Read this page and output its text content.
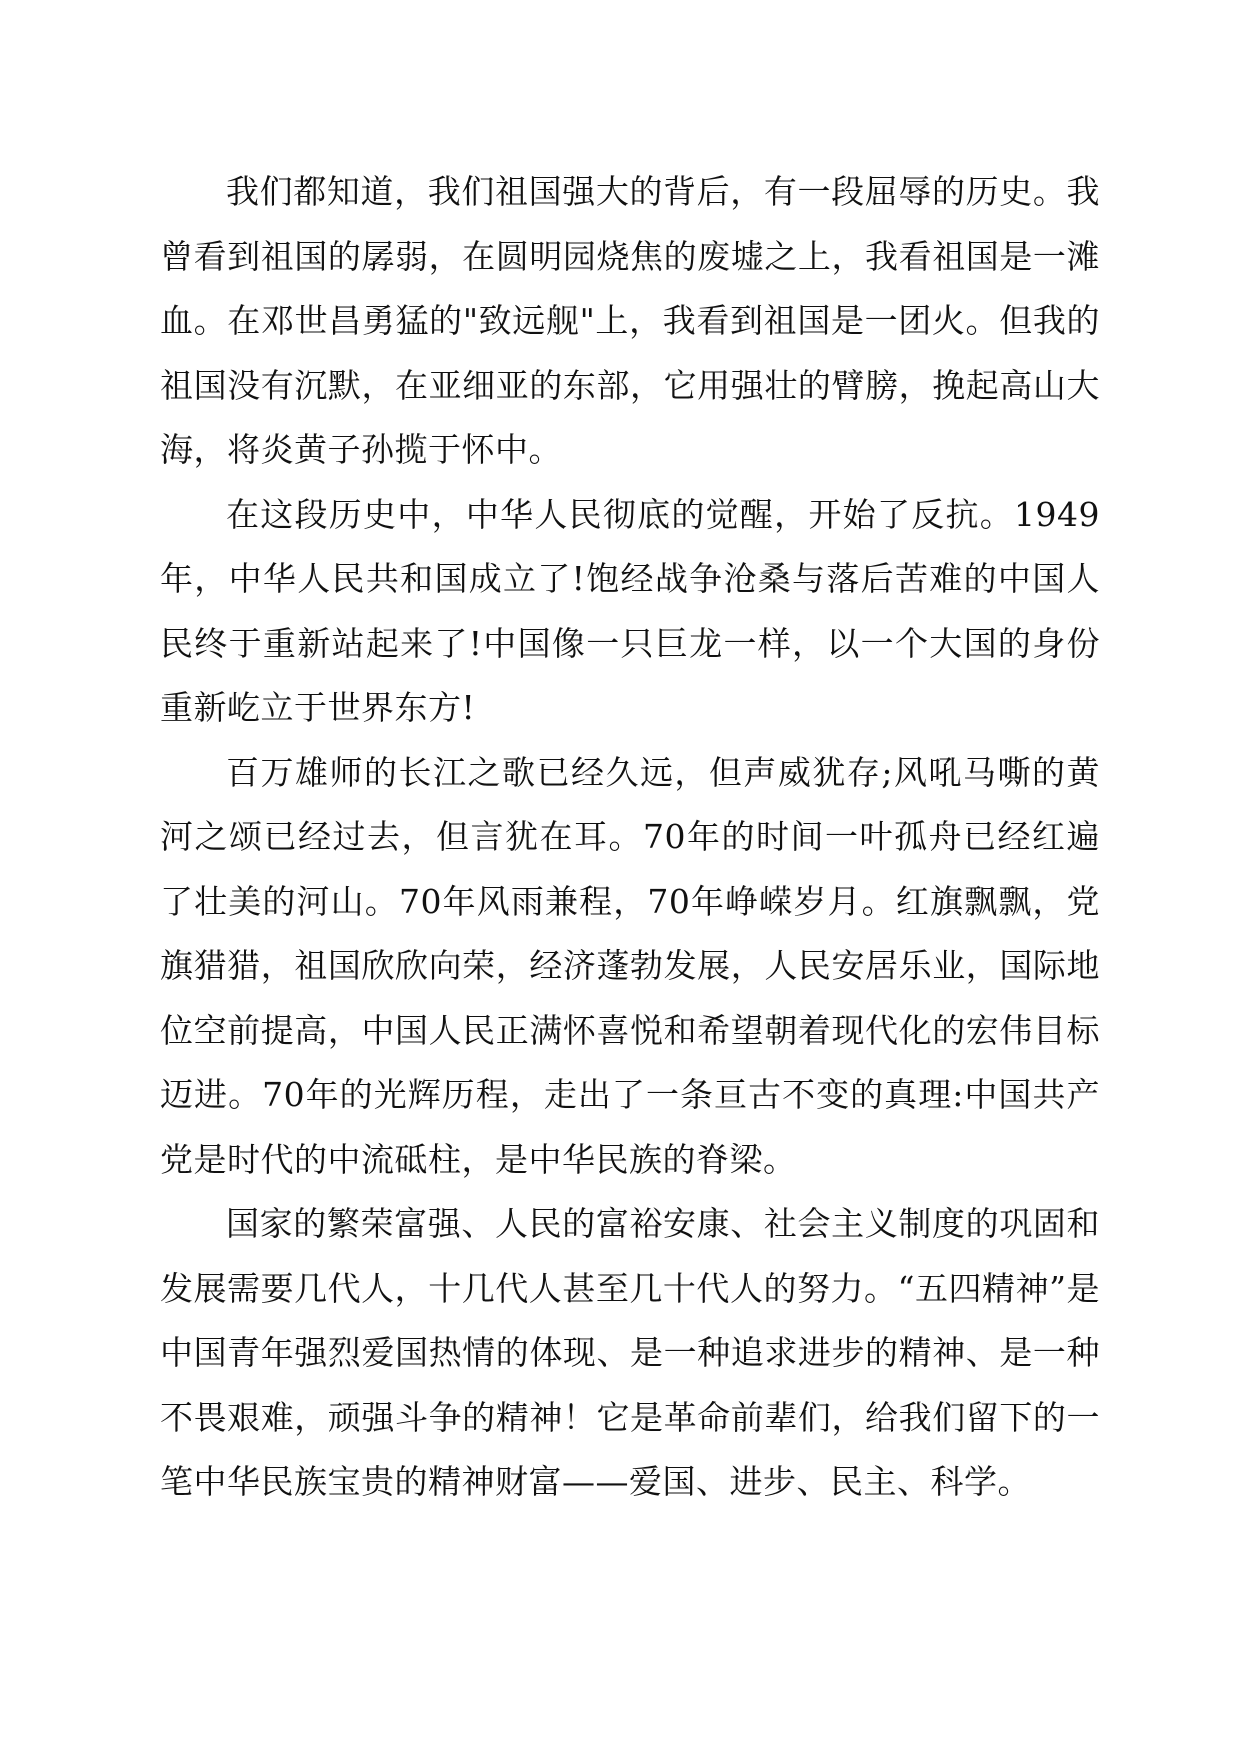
我们都知道，我们祖国强大的背后，有一段屈辱的历史。我曾看到祖国的孱弱，在圆明园烧焦的废墟之上，我看祖国是一滩血。在邓世昌勇猛的"致远舰"上，我看到祖国是一团火。但我的祖国没有沉默，在亚细亚的东部，它用强壮的臂膀，挽起高山大海，将炎黄子孙揽于怀中。

在这段历史中，中华人民彻底的觉醒，开始了反抗。1949年，中华人民共和国成立了!饱经战争沧桑与落后苦难的中国人民终于重新站起来了!中国像一只巨龙一样，以一个大国的身份重新屹立于世界东方!

百万雄师的长江之歌已经久远，但声威犹存;风吼马嘶的黄河之颂已经过去，但言犹在耳。70年的时间一叶孤舟已经红遍了壮美的河山。70年风雨兼程，70年峥嵘岁月。红旗飘飘，党旗猎猎，祖国欣欣向荣，经济蓬勃发展，人民安居乐业，国际地位空前提高，中国人民正满怀喜悦和希望朝着现代化的宏伟目标迈进。70年的光辉历程，走出了一条亘古不变的真理:中国共产党是时代的中流砥柱，是中华民族的脊梁。

国家的繁荣富强、人民的富裕安康、社会主义制度的巩固和发展需要几代人，十几代人甚至几十代人的努力。“五四精神”是中国青年强烈爱国热情的体现、是一种追求进步的精神、是一种不畏艰难，顽强斗争的精神！它是革命前辈们，给我们留下的一笔中华民族宝贵的精神财富——爱国、进步、民主、科学。
